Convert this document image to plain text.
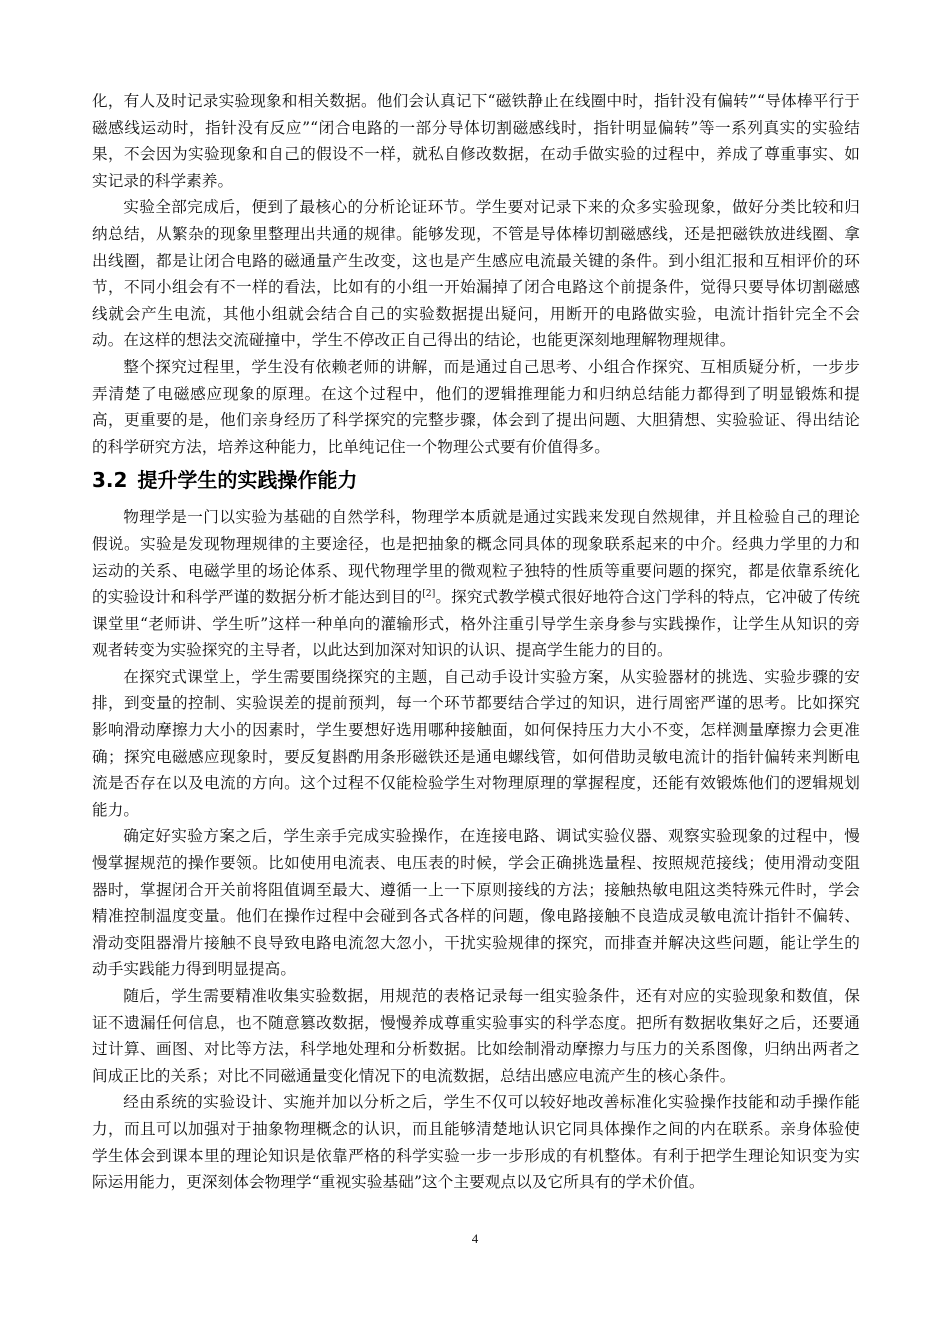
化，有人及时记录实验现象和相关数据。他们会认真记下“磁铁静止在线圈中时，指针没有偏转”“导体棒平行于磁感线运动时，指针没有反应”“闭合电路的一部分导体切割磁感线时，指针明显偏转”等一系列真实的实验结果，不会因为实验现象和自己的假设不一样，就私自修改数据，在动手做实验的过程中，养成了尊重事实、如实记录的科学素养。

实验全部完成后，便到了最核心的分析论证环节。学生要对记录下来的众多实验现象，做好分类比较和归纳总结，从繁杂的现象里整理出共通的规律。能够发现，不管是导体棒切割磁感线，还是把磁铁放进线圈、拿出线圈，都是让闭合电路的磁通量产生改变，这也是产生感应电流最关键的条件。到小组汇报和互相评价的环节，不同小组会有不一样的看法，比如有的小组一开始漏掉了闭合电路这个前提条件，觉得只要导体切割磁感线就会产生电流，其他小组就会结合自己的实验数据提出疑问，用断开的电路做实验，电流计指针完全不会动。在这样的想法交流碰撞中，学生不停改正自己得出的结论，也能更深刻地理解物理规律。

整个探究过程里，学生没有依赖老师的讲解，而是通过自己思考、小组合作探究、互相质疑分析，一步步弄清楚了电磁感应现象的原理。在这个过程中，他们的逻辑推理能力和归纳总结能力都得到了明显锻炼和提高，更重要的是，他们亲身经历了科学探究的完整步骤，体会到了提出问题、大胆猜想、实验验证、得出结论的科学研究方法，培养这种能力，比单纯记住一个物理公式要有价值得多。

3.2 提升学生的实践操作能力

物理学是一门以实验为基础的自然学科，物理学本质就是通过实践来发现自然规律，并且检验自己的理论假说。实验是发现物理规律的主要途径，也是把抽象的概念同具体的现象联系起来的中介。经典力学里的力和运动的关系、电磁学里的场论体系、现代物理学里的微观粒子独特的性质等重要问题的探究，都是依靠系统化的实验设计和科学严谨的数据分析才能达到目的[2]。探究式教学模式很好地符合这门学科的特点，它冲破了传统课堂里“老师讲、学生听”这样一种单向的灌输形式，格外注重引导学生亲身参与实践操作，让学生从知识的旁观者转变为实验探究的主导者，以此达到加深对知识的认识、提高学生能力的目的。

在探究式课堂上，学生需要围绕探究的主题，自己动手设计实验方案，从实验器材的挑选、实验步骤的安排，到变量的控制、实验误差的提前预判，每一个环节都要结合学过的知识，进行周密严谨的思考。比如探究影响滑动摩擦力大小的因素时，学生要想好选用哪种接触面，如何保持压力大小不变，怎样测量摩擦力会更准确；探究电磁感应现象时，要反复斟酌用条形磁铁还是通电螺线管，如何借助灵敏电流计的指针偏转来判断电流是否存在以及电流的方向。这个过程不仅能检验学生对物理原理的掌握程度，还能有效锻炼他们的逻辑规划能力。

确定好实验方案之后，学生亲手完成实验操作，在连接电路、调试实验仪器、观察实验现象的过程中，慢慢掌握规范的操作要领。比如使用电流表、电压表的时候，学会正确挑选量程、按照规范接线；使用滑动变阻器时，掌握闭合开关前将阻值调至最大、遵循一上一下原则接线的方法；接触热敏电阻这类特殊元件时，学会精准控制温度变量。他们在操作过程中会碰到各式各样的问题，像电路接触不良造成灵敏电流计指针不偏转、滑动变阻器滑片接触不良导致电路电流忽大忽小，干扰实验规律的探究，而排查并解决这些问题，能让学生的动手实践能力得到明显提高。

随后，学生需要精准收集实验数据，用规范的表格记录每一组实验条件，还有对应的实验现象和数值，保证不遗漏任何信息，也不随意篡改数据，慢慢养成尊重实验事实的科学态度。把所有数据收集好之后，还要通过计算、画图、对比等方法，科学地处理和分析数据。比如绘制滑动摩擦力与压力的关系图像，归纳出两者之间成正比的关系；对比不同磁通量变化情况下的电流数据，总结出感应电流产生的核心条件。

经由系统的实验设计、实施并加以分析之后，学生不仅可以较好地改善标准化实验操作技能和动手操作能力，而且可以加强对于抽象物理概念的认识，而且能够清楚地认识它同具体操作之间的内在联系。亲身体验使学生体会到课本里的理论知识是依靠严格的科学实验一步一步形成的有机整体。有利于把学生理论知识变为实际运用能力，更深刻体会物理学“重视实验基础”这个主要观点以及它所具有的学术价值。

4
